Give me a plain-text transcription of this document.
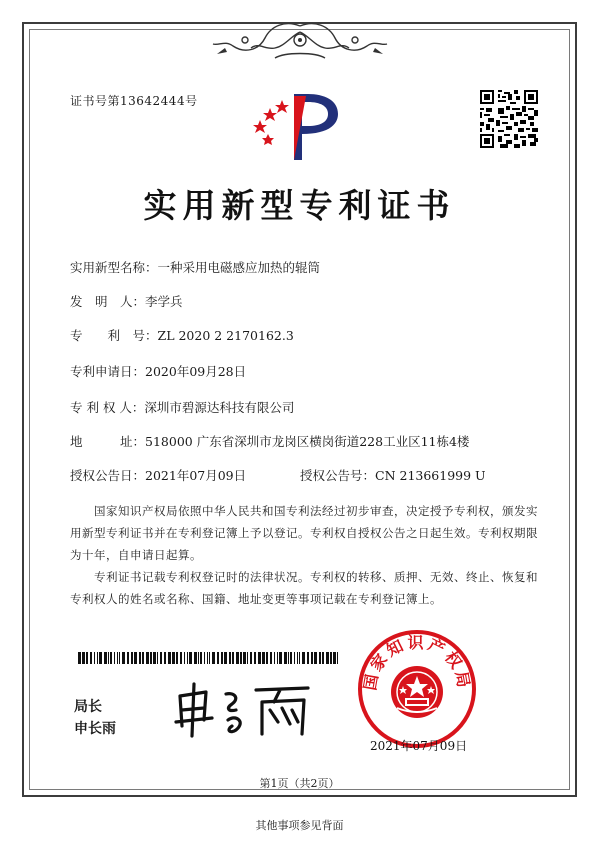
证书号第13642444号
实用新型专利证书
实用新型名称：一种采用电磁感应加热的辊筒
发　明　人：李学兵
专　　利　号：ZL 2020 2 2170162.3
专利申请日：2020年09月28日
专 利 权 人：深圳市碧源达科技有限公司
地　　　址：518000 广东省深圳市龙岗区横岗街道228工业区11栋4楼
授权公告日：2021年07月09日	授权公告号：CN 213661999 U
国家知识产权局依照中华人民共和国专利法经过初步审查，决定授予专利权，颁发实用新型专利证书并在专利登记簿上予以登记。专利权自授权公告之日起生效。专利权期限为十年，自申请日起算。
专利证书记载专利权登记时的法律状况。专利权的转移、质押、无效、终止、恢复和专利权人的姓名或名称、国籍、地址变更等事项记载在专利登记簿上。
局长
申长雨
国家知识产权局
2021年07月09日
第1页（共2页）
其他事项参见背面
